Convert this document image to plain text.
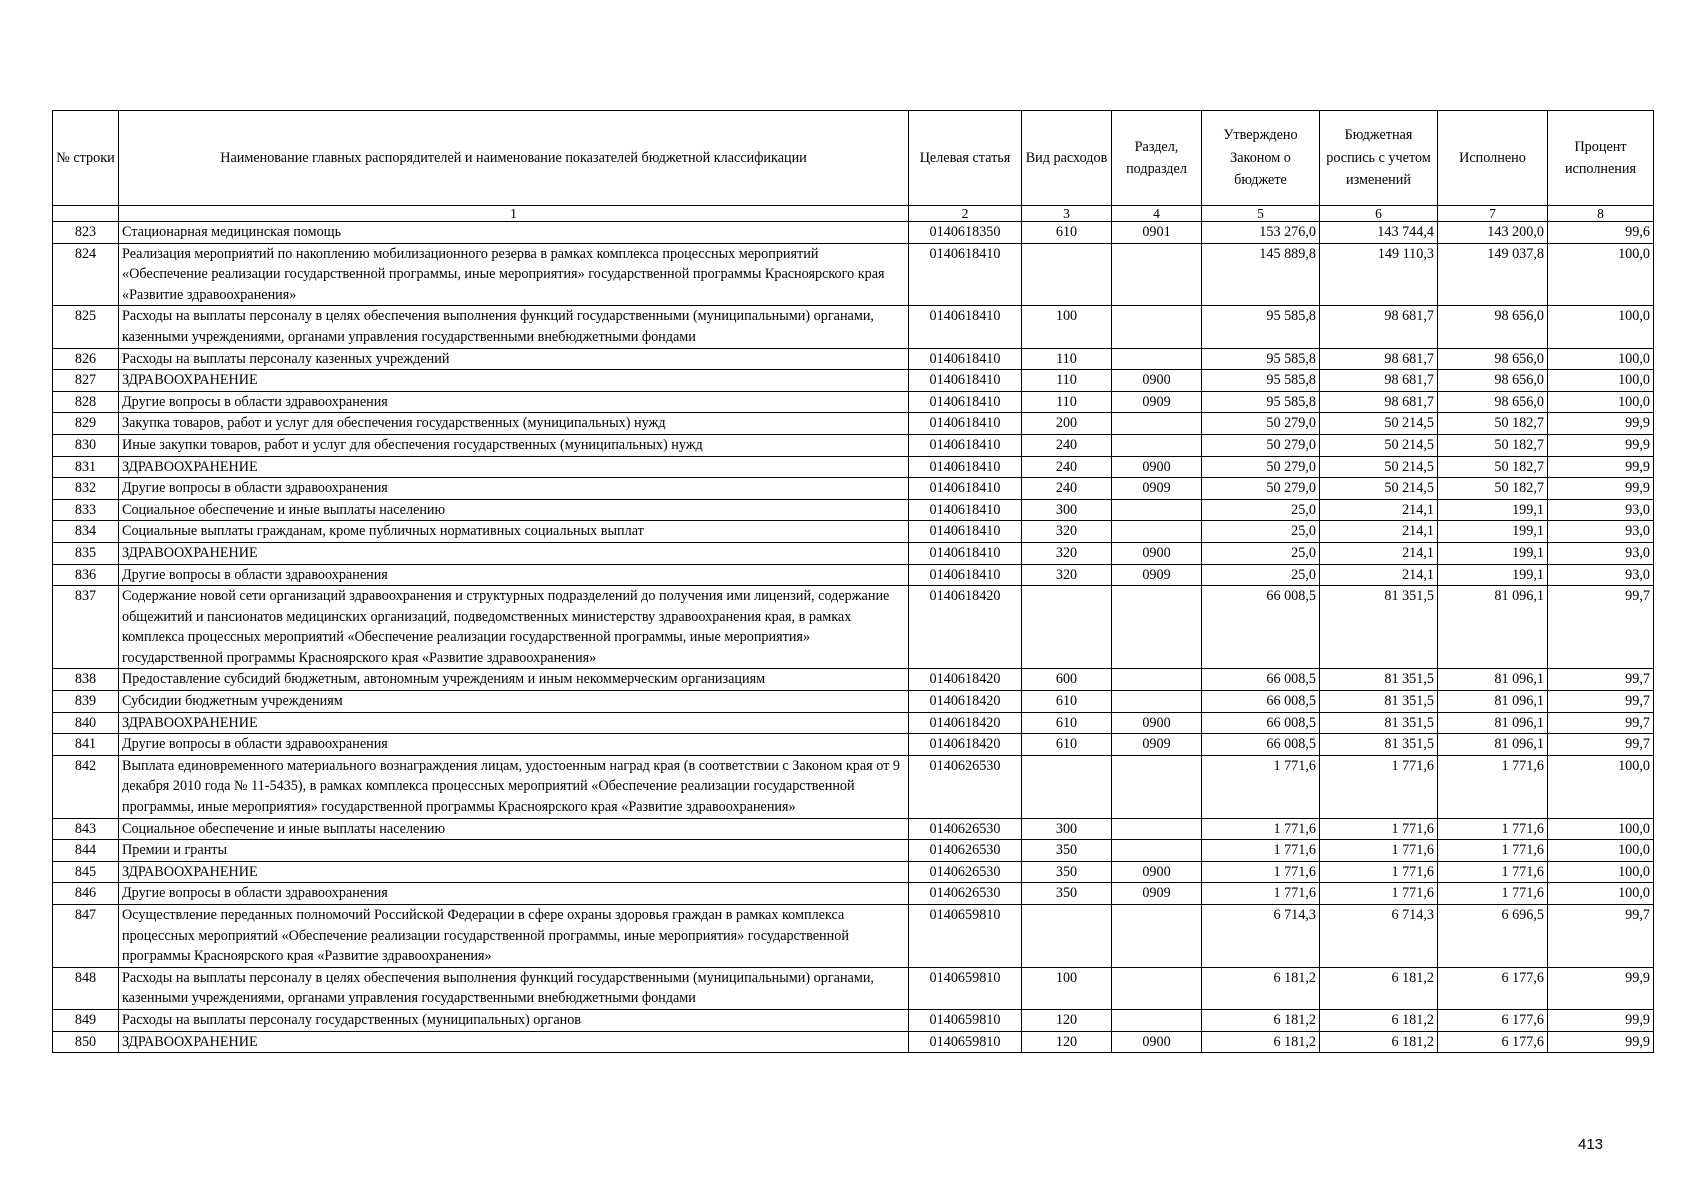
№ строки	Наименование главных распорядителей и наименование показателей бюджетной классификации	Целевая статья	Вид расходов	Раздел, подраздел	Утверждено Законом о бюджете	Бюджетная роспись с учетом изменений	Исполнено	Процент исполнения
	1	2	3	4	5	6	7	8
823	Стационарная медицинская помощь	0140618350	610	0901	153 276,0	143 744,4	143 200,0	99,6
824	Реализация мероприятий по накоплению мобилизационного резерва в рамках комплекса процессных мероприятий «Обеспечение реализации государственной программы, иные мероприятия» государственной программы Красноярского края «Развитие здравоохранения»	0140618410			145 889,8	149 110,3	149 037,8	100,0
825	Расходы на выплаты персоналу в целях обеспечения выполнения функций государственными (муниципальными) органами, казенными учреждениями, органами управления государственными внебюджетными фондами	0140618410	100		95 585,8	98 681,7	98 656,0	100,0
826	Расходы на выплаты персоналу казенных учреждений	0140618410	110		95 585,8	98 681,7	98 656,0	100,0
827	ЗДРАВООХРАНЕНИЕ	0140618410	110	0900	95 585,8	98 681,7	98 656,0	100,0
828	Другие вопросы в области здравоохранения	0140618410	110	0909	95 585,8	98 681,7	98 656,0	100,0
829	Закупка товаров, работ и услуг для обеспечения государственных (муниципальных) нужд	0140618410	200		50 279,0	50 214,5	50 182,7	99,9
830	Иные закупки товаров, работ и услуг для обеспечения государственных (муниципальных) нужд	0140618410	240		50 279,0	50 214,5	50 182,7	99,9
831	ЗДРАВООХРАНЕНИЕ	0140618410	240	0900	50 279,0	50 214,5	50 182,7	99,9
832	Другие вопросы в области здравоохранения	0140618410	240	0909	50 279,0	50 214,5	50 182,7	99,9
833	Социальное обеспечение и иные выплаты населению	0140618410	300		25,0	214,1	199,1	93,0
834	Социальные выплаты гражданам, кроме публичных нормативных социальных выплат	0140618410	320		25,0	214,1	199,1	93,0
835	ЗДРАВООХРАНЕНИЕ	0140618410	320	0900	25,0	214,1	199,1	93,0
836	Другие вопросы в области здравоохранения	0140618410	320	0909	25,0	214,1	199,1	93,0
837	Содержание новой сети организаций здравоохранения и структурных подразделений до получения ими лицензий, содержание общежитий и пансионатов медицинских организаций, подведомственных министерству здравоохранения края, в рамках комплекса процессных мероприятий «Обеспечение реализации государственной программы, иные мероприятия» государственной программы Красноярского края «Развитие здравоохранения»	0140618420			66 008,5	81 351,5	81 096,1	99,7
838	Предоставление субсидий бюджетным, автономным учреждениям и иным некоммерческим организациям	0140618420	600		66 008,5	81 351,5	81 096,1	99,7
839	Субсидии бюджетным учреждениям	0140618420	610		66 008,5	81 351,5	81 096,1	99,7
840	ЗДРАВООХРАНЕНИЕ	0140618420	610	0900	66 008,5	81 351,5	81 096,1	99,7
841	Другие вопросы в области здравоохранения	0140618420	610	0909	66 008,5	81 351,5	81 096,1	99,7
842	Выплата единовременного материального вознаграждения лицам, удостоенным наград края (в соответствии с Законом края от 9 декабря 2010 года № 11-5435), в рамках комплекса процессных мероприятий «Обеспечение реализации государственной программы, иные мероприятия» государственной программы Красноярского края «Развитие здравоохранения»	0140626530			1 771,6	1 771,6	1 771,6	100,0
843	Социальное обеспечение и иные выплаты населению	0140626530	300		1 771,6	1 771,6	1 771,6	100,0
844	Премии и гранты	0140626530	350		1 771,6	1 771,6	1 771,6	100,0
845	ЗДРАВООХРАНЕНИЕ	0140626530	350	0900	1 771,6	1 771,6	1 771,6	100,0
846	Другие вопросы в области здравоохранения	0140626530	350	0909	1 771,6	1 771,6	1 771,6	100,0
847	Осуществление переданных полномочий Российской Федерации в сфере охраны здоровья граждан в рамках комплекса процессных мероприятий «Обеспечение реализации государственной программы, иные мероприятия» государственной программы Красноярского края «Развитие здравоохранения»	0140659810			6 714,3	6 714,3	6 696,5	99,7
848	Расходы на выплаты персоналу в целях обеспечения выполнения функций государственными (муниципальными) органами, казенными учреждениями, органами управления государственными внебюджетными фондами	0140659810	100		6 181,2	6 181,2	6 177,6	99,9
849	Расходы на выплаты персоналу государственных (муниципальных) органов	0140659810	120		6 181,2	6 181,2	6 177,6	99,9
850	ЗДРАВООХРАНЕНИЕ	0140659810	120	0900	6 181,2	6 181,2	6 177,6	99,9
413
